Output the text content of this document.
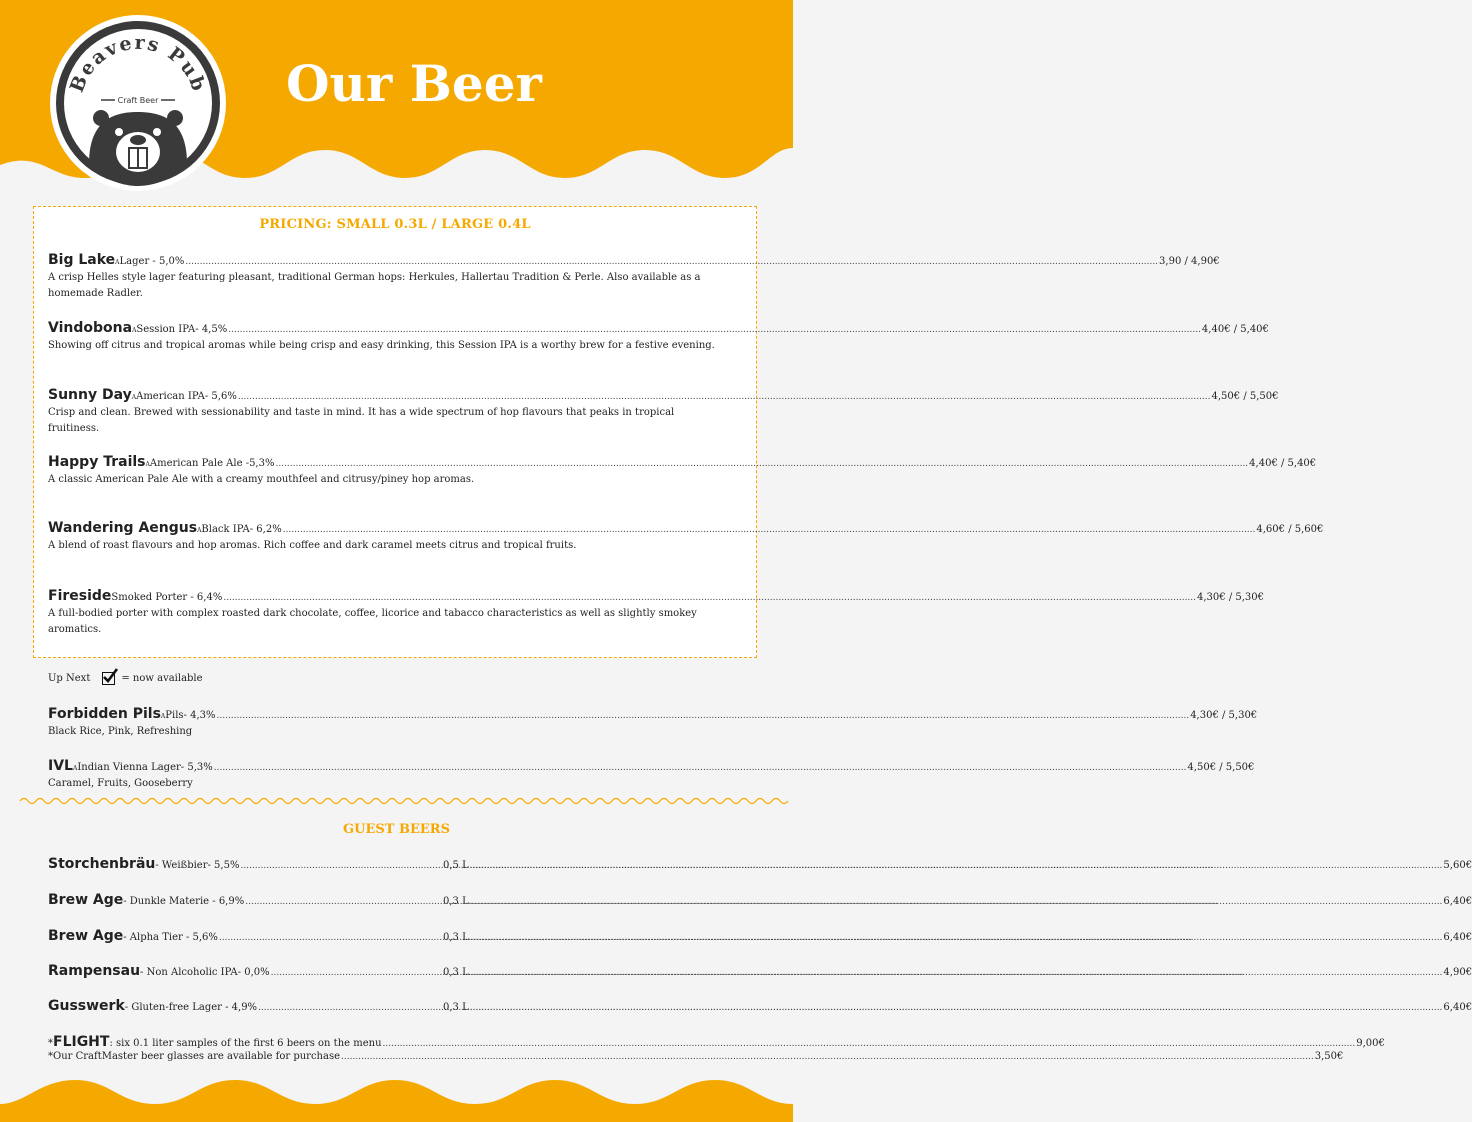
Beavers Pub
Craft Beer	Our Beer
PRICING: SMALL 0.3L / LARGE 0.4L
Big Lake A Lager - 5,0% .....	3,90 / 4,90€
A crisp Helles style lager featuring pleasant, traditional German hops: Herkules, Hallertau Tradition & Perle. Also available as a homemade Radler.
Vindobona A Session IPA- 4,5% .....	4,40€ / 5,40€
Showing off citrus and tropical aromas while being crisp and easy drinking, this Session IPA is a worthy brew for a festive evening.
Sunny Day A American IPA- 5,6% .....	4,50€ / 5,50€
Crisp and clean. Brewed with sessionability and taste in mind. It has a wide spectrum of hop flavours that peaks in tropical fruitiness.
Happy Trails A American Pale Ale -5,3% .....	4,40€ / 5,40€
A classic American Pale Ale with a creamy mouthfeel and citrusy/piney hop aromas.
Wandering Aengus A Black IPA- 6,2% .....	4,60€ / 5,60€
A blend of roast flavours and hop aromas. Rich coffee and dark caramel meets citrus and tropical fruits.
Fireside Smoked Porter - 6,4% .....	4,30€ / 5,30€
A full-bodied porter with complex roasted dark chocolate, coffee, licorice and tabacco characteristics as well as slightly smokey aromatics.
Up Next	= now available
Forbidden Pils A Pils- 4,3% .....	4,30€ / 5,30€
Black Rice, Pink, Refreshing
IVL A Indian Vienna Lager- 5,3% .....	4,50€ / 5,50€
Caramel, Fruits, Gooseberry
GUEST BEERS
Storchenbräu - Weißbier- 5,5% .....	0,5 L .....	5,60€
Brew Age - Dunkle Materie - 6,9% .....	0,3 L .....	6,40€
Brew Age - Alpha Tier - 5,6% .....	0,3 L .....	6,40€
Rampensau - Non Alcoholic IPA- 0,0% .....	0,3 L .....	4,90€
Gusswerk - Gluten-free Lager - 4,9% .....	0,3 L .....	6,40€
* FLIGHT : six 0.1 liter samples of the first 6 beers on the menu .....	9,00€
* Our CraftMaster beer glasses are available for purchase .....	3,50€
